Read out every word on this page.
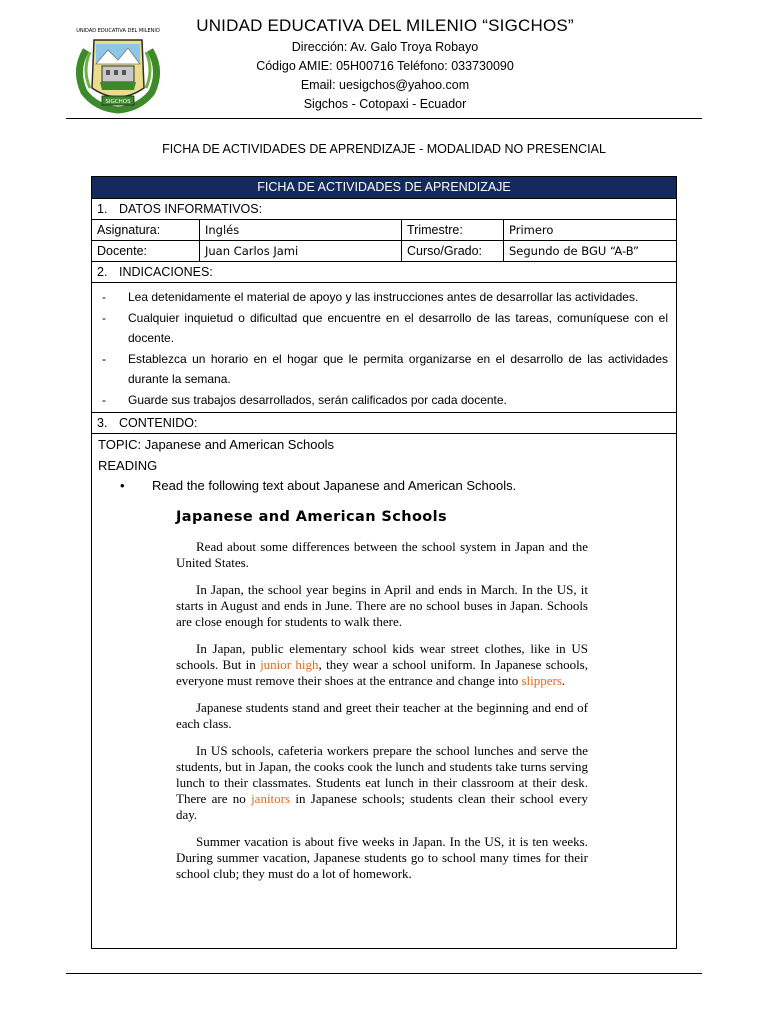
SIGCHOS
UNIDAD EDUCATIVA DEL MILENIO	UNIDAD EDUCATIVA DEL MILENIO “SIGCHOS”
Dirección: Av. Galo Troya Robayo
Código AMIE: 05H00716 Teléfono: 033730090
Email: uesigchos@yahoo.com
Sigchos - Cotopaxi - Ecuador
FICHA DE ACTIVIDADES DE APRENDIZAJE - MODALIDAD NO PRESENCIAL
FICHA DE ACTIVIDADES DE APRENDIZAJE
1. DATOS INFORMATIVOS:
Asignatura:	Inglés	Trimestre:	Primero
Docente:	Juan Carlos Jami	Curso/Grado:	Segundo de BGU “A-B”
2. INDICACIONES:
-	Lea detenidamente el material de apoyo y las instrucciones antes de desarrollar las actividades.
-	Cualquier inquietud o dificultad que encuentre en el desarrollo de las tareas, comuníquese con el docente.
-	Establezca un horario en el hogar que le permita organizarse en el desarrollo de las actividades durante la semana.
-	Guarde sus trabajos desarrollados, serán calificados por cada docente.
3. CONTENIDO:
TOPIC: Japanese and American Schools
READING
•	Read the following text about Japanese and American Schools.
Japanese and American Schools

Read about some differences between the school system in Japan and the United States.

In Japan, the school year begins in April and ends in March. In the US, it starts in August and ends in June. There are no school buses in Japan. Schools are close enough for students to walk there.

In Japan, public elementary school kids wear street clothes, like in US schools. But in junior high, they wear a school uniform. In Japanese schools, everyone must remove their shoes at the entrance and change into slippers.

Japanese students stand and greet their teacher at the beginning and end of each class.

In US schools, cafeteria workers prepare the school lunches and serve the students, but in Japan, the cooks cook the lunch and students take turns serving lunch to their classmates. Students eat lunch in their classroom at their desk. There are no janitors in Japanese schools; students clean their school every day.

Summer vacation is about five weeks in Japan. In the US, it is ten weeks. During summer vacation, Japanese students go to school many times for their school club; they must do a lot of homework.
